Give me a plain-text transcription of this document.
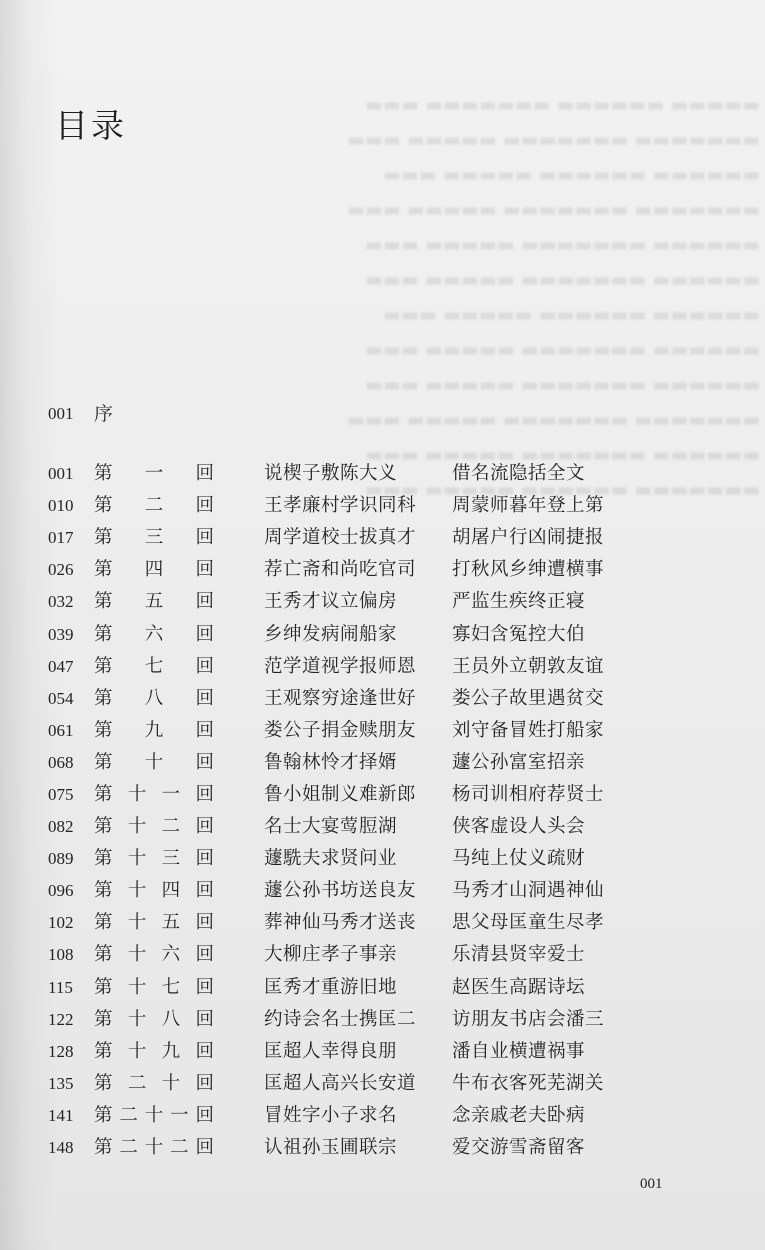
▬▬▬▬▬ ▬▬▬▬▬▬ ▬▬▬▬▬▬▬ ▬▬▬
▬▬▬▬▬▬▬ ▬▬▬▬▬▬▬ ▬▬▬▬▬ ▬▬▬
▬▬▬▬▬▬ ▬▬▬▬▬▬ ▬▬▬▬▬ ▬▬▬
▬▬▬▬▬▬▬ ▬▬▬▬▬▬▬ ▬▬▬▬▬ ▬▬▬
▬▬▬▬▬▬ ▬▬▬▬▬▬▬ ▬▬▬▬▬ ▬▬▬
▬▬▬▬▬▬ ▬▬▬▬▬▬▬ ▬▬▬▬▬ ▬▬▬
▬▬▬▬▬▬ ▬▬▬▬▬▬ ▬▬▬▬▬ ▬▬▬
▬▬▬▬▬▬ ▬▬▬▬▬▬▬ ▬▬▬▬▬ ▬▬▬
▬▬▬▬▬▬ ▬▬▬▬▬▬▬ ▬▬▬▬▬ ▬▬▬
▬▬▬▬▬▬▬ ▬▬▬▬▬▬▬ ▬▬▬▬▬ ▬▬▬
▬▬▬▬▬▬ ▬▬▬▬▬▬▬ ▬▬▬▬▬ ▬▬▬
▬▬▬▬▬▬▬ ▬▬▬▬▬▬ ▬▬▬▬▬ ▬▬▬
目录
001	序
001	第一回	说楔子敷陈大义	借名流隐括全文
010	第二回	王孝廉村学识同科	周蒙师暮年登上第
017	第三回	周学道校士拔真才	胡屠户行凶闹捷报
026	第四回	荐亡斋和尚吃官司	打秋风乡绅遭横事
032	第五回	王秀才议立偏房	严监生疾终正寝
039	第六回	乡绅发病闹船家	寡妇含冤控大伯
047	第七回	范学道视学报师恩	王员外立朝敦友谊
054	第八回	王观察穷途逢世好	娄公子故里遇贫交
061	第九回	娄公子捐金赎朋友	刘守备冒姓打船家
068	第十回	鲁翰林怜才择婿	蘧公孙富室招亲
075	第十一回	鲁小姐制义难新郎	杨司训相府荐贤士
082	第十二回	名士大宴莺脰湖	侠客虚设人头会
089	第十三回	蘧駪夫求贤问业	马纯上仗义疏财
096	第十四回	蘧公孙书坊送良友	马秀才山洞遇神仙
102	第十五回	葬神仙马秀才送丧	思父母匡童生尽孝
108	第十六回	大柳庄孝子事亲	乐清县贤宰爱士
115	第十七回	匡秀才重游旧地	赵医生高踞诗坛
122	第十八回	约诗会名士携匡二	访朋友书店会潘三
128	第十九回	匡超人幸得良朋	潘自业横遭祸事
135	第二十回	匡超人高兴长安道	牛布衣客死芜湖关
141	第二十一回	冒姓字小子求名	念亲戚老夫卧病
148	第二十二回	认祖孙玉圃联宗	爱交游雪斋留客
001
